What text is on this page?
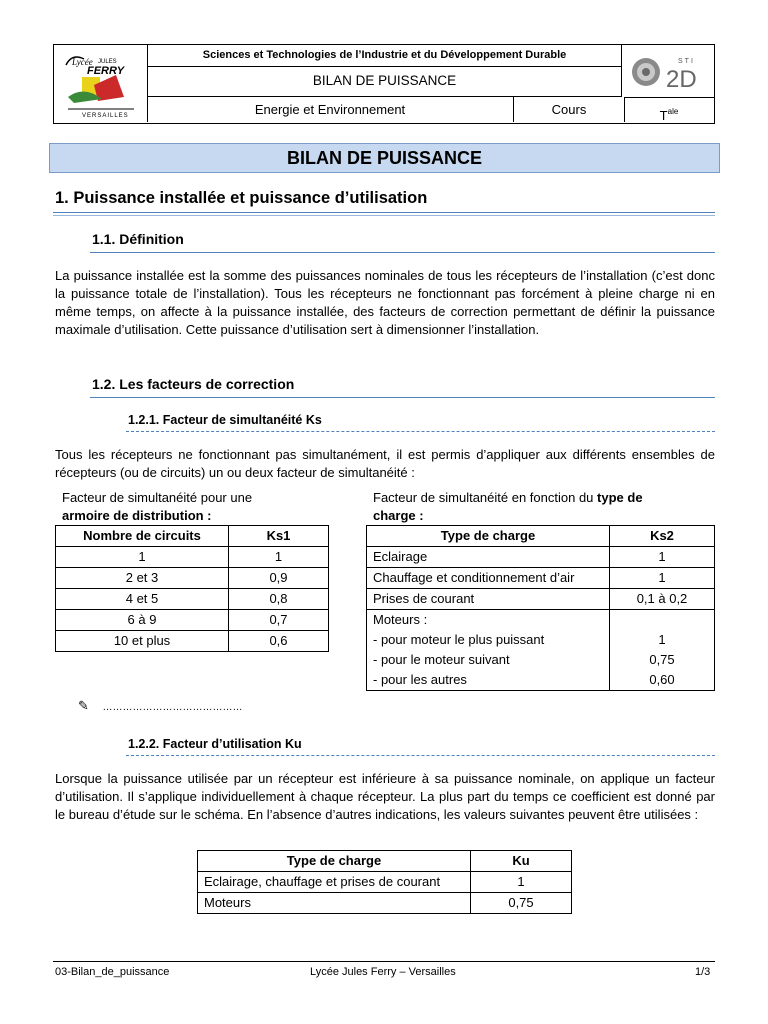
Lycée JULES
FERRY
VERSAILLES
Sciences et Technologies de l’Industrie et du Développement Durable
BILAN DE PUISSANCE
Energie et Environnement	Cours
STI
2D
$T^{ale}$
BILAN DE PUISSANCE
1. Puissance installée et puissance d’utilisation
1.1. Définition
La puissance installée est la somme des puissances nominales de tous les récepteurs de l’installation (c’est donc la puissance totale de l’installation). Tous les récepteurs ne fonctionnant pas forcément à pleine charge ni en même temps, on affecte à la puissance installée, des facteurs de correction permettant de définir la puissance maximale d’utilisation. Cette puissance d’utilisation sert à dimensionner l’installation.
1.2. Les facteurs de correction
1.2.1. Facteur de simultanéité Ks
Tous les récepteurs ne fonctionnant pas simultanément, il est permis d’appliquer aux différents ensembles de récepteurs (ou de circuits) un ou deux facteur de simultanéité :
Facteur de simultanéité pour une
armoire de distribution :
Facteur de simultanéité en fonction du type de
charge :
Nombre de circuits	Ks1
1	1
2 et 3	0,9
4 et 5	0,8
6 à 9	0,7
10 et plus	0,6
Type de charge	Ks2
Eclairage	1
Chauffage et conditionnement d’air	1
Prises de courant	0,1 à 0,2
Moteurs :	
- pour moteur le plus puissant	1
- pour le moteur suivant	0,75
- pour les autres	0,60
✎ ……………………………………
1.2.2. Facteur d’utilisation Ku
Lorsque la puissance utilisée par un récepteur est inférieure à sa puissance nominale, on applique un facteur d’utilisation. Il s’applique individuellement à chaque récepteur. La plus part du temps ce coefficient est donné par le bureau d’étude sur le schéma. En l’absence d’autres indications, les valeurs suivantes peuvent être utilisées :
Type de charge	Ku
Eclairage, chauffage et prises de courant	1
Moteurs	0,75
03-Bilan_de_puissance	Lycée Jules Ferry – Versailles	1/3
